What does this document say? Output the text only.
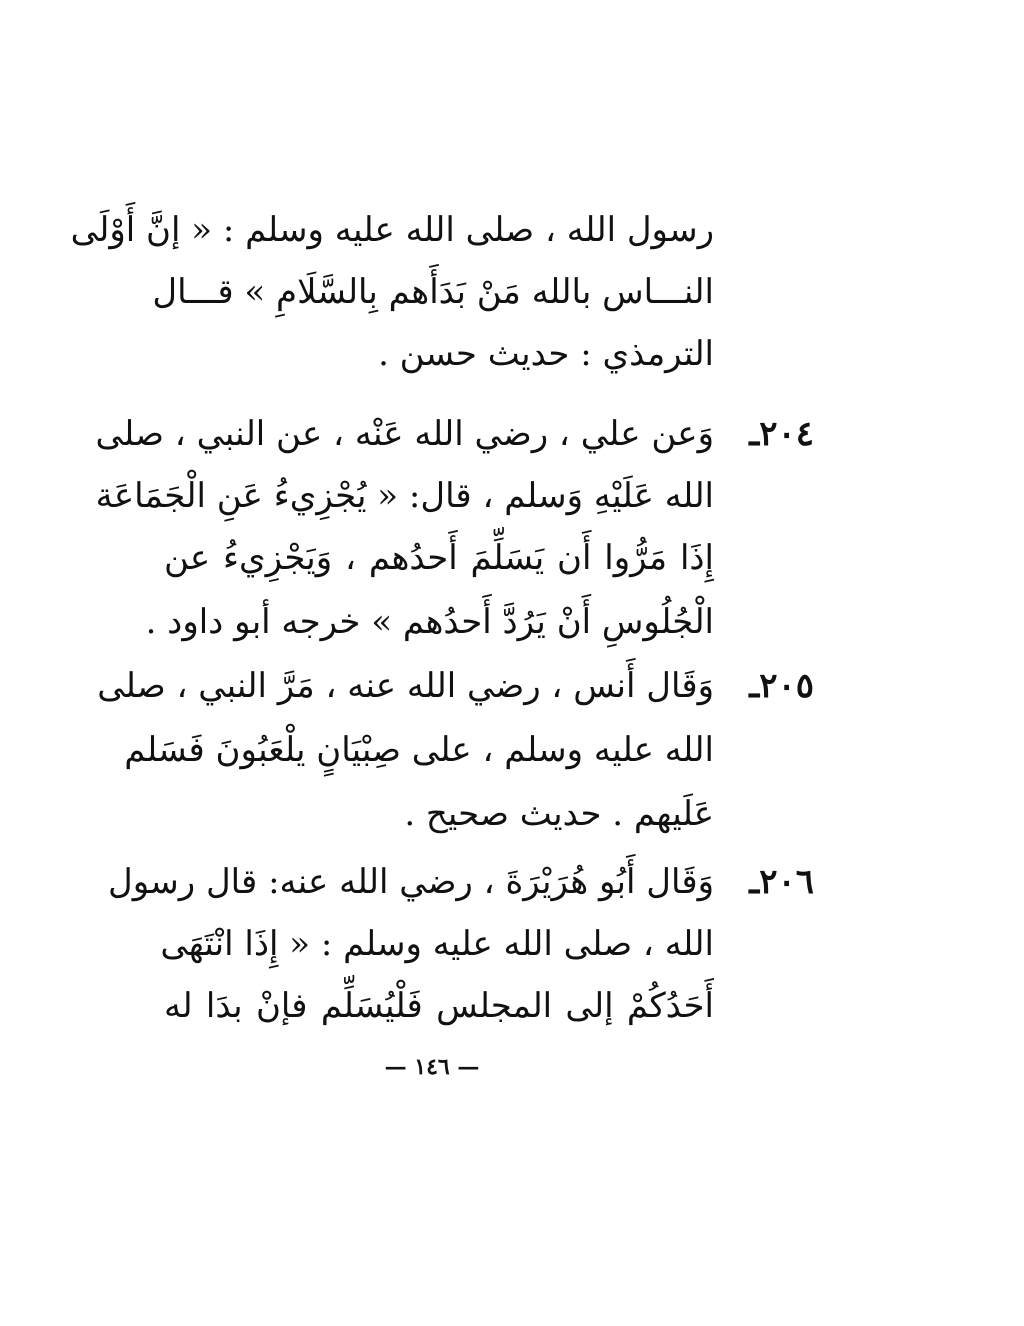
رسول الله ، صلى الله عليه وسلم : « إنَّ أَوْلَى
النـــاس بالله مَنْ بَدَأَهم بِالسَّلَامِ » قـــال
الترمذي : حديث حسن .
٢٠٤ـ
وَعن علي ، رضي الله عَنْه ، عن النبي ، صلى
الله عَلَيْهِ وَسلم ، قال: « يُجْزِيءُ عَنِ الْجَمَاعَة
إِذَا مَرُّوا أَن يَسَلِّمَ أَحدُهم ، وَيَجْزِيءُ عن
الْجُلُوسِ أَنْ يَرُدَّ أَحدُهم » خرجه أبو داود .
٢٠٥ـ
وَقَال أَنس ، رضي الله عنه ، مَرَّ النبي ، صلى
الله عليه وسلم ، على صِبْيَانٍ يلْعَبُونَ فَسَلم
عَلَيهم . حديث صحيح .
٢٠٦ـ
وَقَال أَبُو هُرَيْرَةَ ، رضي الله عنه: قال رسول
الله ، صلى الله عليه وسلم : « إِذَا انْتَهَى
أَحَدُكُمْ إلى المجلس فَلْيُسَلِّم فإنْ بدَا له
— ١٤٦ —
